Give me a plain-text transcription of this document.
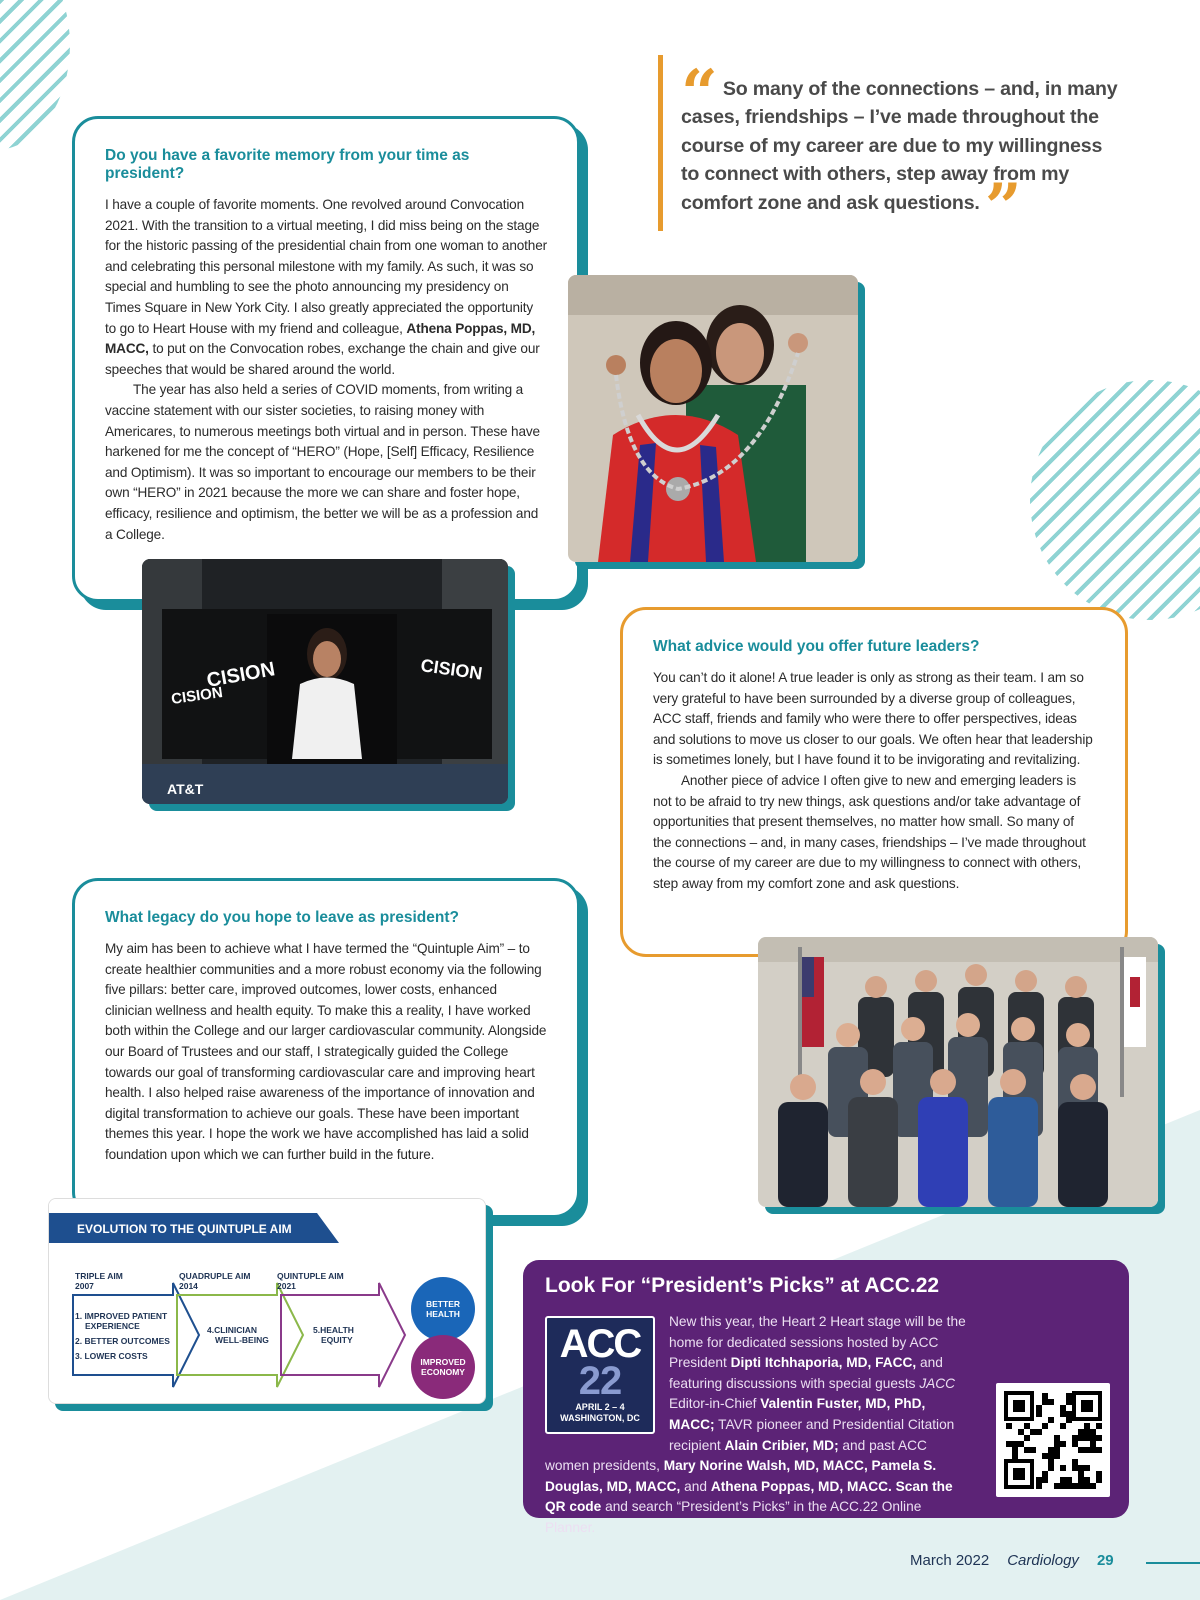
Do you have a favorite memory from your time as president?

I have a couple of favorite moments. One revolved around Convocation 2021. With the transition to a virtual meeting, I did miss being on the stage for the historic passing of the presidential chain from one woman to another and celebrating this personal milestone with my family. As such, it was so special and humbling to see the photo announcing my presidency on Times Square in New York City. I also greatly appreciated the opportunity to go to Heart House with my friend and colleague, Athena Poppas, MD, MACC, to put on the Convocation robes, exchange the chain and give our speeches that would be shared around the world.

The year has also held a series of COVID moments, from writing a vaccine statement with our sister societies, to raising money with Americares, to numerous meetings both virtual and in person. These have harkened for me the concept of “HERO” (Hope, [Self] Efficacy, Resilience and Optimism). It was so important to encourage our members to be their own “HERO” in 2021 because the more we can share and foster hope, efficacy, resilience and optimism, the better we will be as a profession and a College.

“ So many of the connections – and, in many cases, friendships – I’ve made throughout the course of my career are due to my willingness to connect with others, step away from my comfort zone and ask questions. ”

CISION
CISION	CISION
AT&T
What advice would you offer future leaders?

You can’t do it alone! A true leader is only as strong as their team. I am so very grateful to have been surrounded by a diverse group of colleagues, ACC staff, friends and family who were there to offer perspectives, ideas and solutions to move us closer to our goals. We often hear that leadership is sometimes lonely, but I have found it to be invigorating and revitalizing.

Another piece of advice I often give to new and emerging leaders is not to be afraid to try new things, ask questions and/or take advantage of opportunities that present themselves, no matter how small. So many of the connections – and, in many cases, friendships – I’ve made throughout the course of my career are due to my willingness to connect with others, step away from my comfort zone and ask questions.

What legacy do you hope to leave as president?

My aim has been to achieve what I have termed the “Quintuple Aim” – to create healthier communities and a more robust economy via the following five pillars: better care, improved outcomes, lower costs, enhanced clinician wellness and health equity. To make this a reality, I have worked both within the College and our larger cardiovascular community. Alongside our Board of Trustees and our staff, I strategically guided the College towards our goal of transforming cardiovascular care and improving heart health. I also helped raise awareness of the importance of innovation and digital transformation to achieve our goals. These have been important themes this year. I hope the work we have accomplished has laid a solid foundation upon which we can further build in the future.

EVOLUTION TO THE QUINTUPLE AIM
TRIPLE AIM
2007
QUADRUPLE AIM
2014
QUINTUPLE AIM
2021
1. IMPROVED PATIENT
EXPERIENCE
2. BETTER OUTCOMES
3. LOWER COSTS
4.CLINICIAN
WELL-BEING
5.HEALTH
EQUITY
BETTER
HEALTH
IMPROVED
ECONOMY
Look For “President’s Picks” at ACC.22
ACC
22
APRIL 2 – 4
WASHINGTON, DC
New this year, the Heart 2 Heart stage will be the home for dedicated sessions hosted by ACC President Dipti Itchhaporia, MD, FACC, and featuring discussions with special guests JACC Editor-in-Chief Valentin Fuster, MD, PhD, MACC; TAVR pioneer and Presidential Citation recipient Alain Cribier, MD; and past ACC women presidents, Mary Norine Walsh, MD, MACC, Pamela S. Douglas, MD, MACC, and Athena Poppas, MD, MACC. Scan the QR code and search “President’s Picks” in the ACC.22 Online Planner.
March 2022 Cardiology 29
